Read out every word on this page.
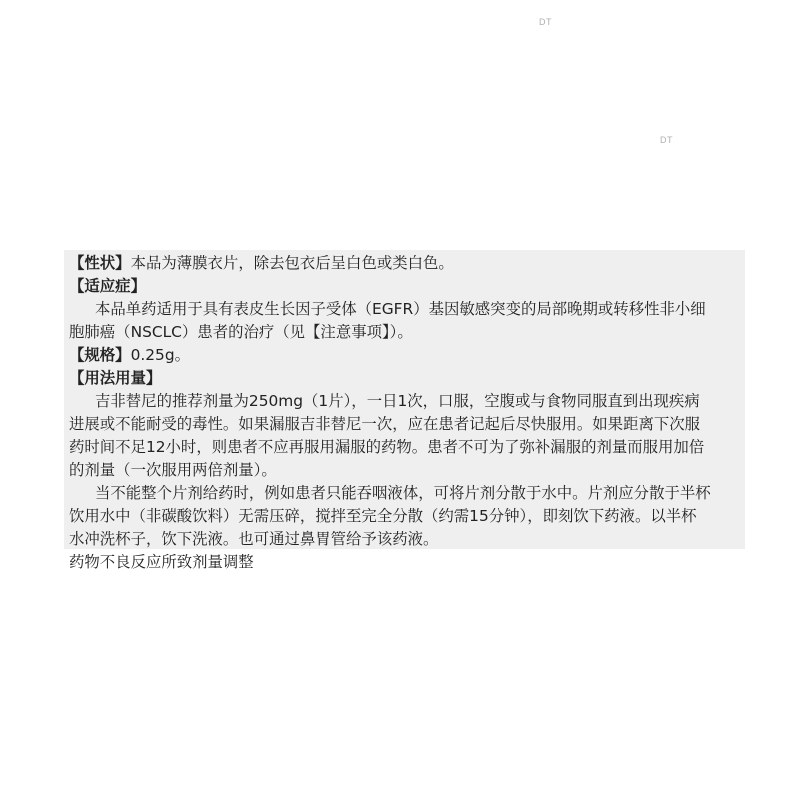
DT
DT
【性状】本品为薄膜衣片，除去包衣后呈白色或类白色。
【适应症】
本品单药适用于具有表皮生长因子受体（EGFR）基因敏感突变的局部晚期或转移性非小细
胞肺癌（NSCLC）患者的治疗（见【注意事项】）。
【规格】0.25g。
【用法用量】
吉非替尼的推荐剂量为250mg（1片），一日1次，口服，空腹或与食物同服直到出现疾病
进展或不能耐受的毒性。如果漏服吉非替尼一次，应在患者记起后尽快服用。如果距离下次服
药时间不足12小时，则患者不应再服用漏服的药物。患者不可为了弥补漏服的剂量而服用加倍
的剂量（一次服用两倍剂量）。
当不能整个片剂给药时，例如患者只能吞咽液体，可将片剂分散于水中。片剂应分散于半杯
饮用水中（非碳酸饮料）无需压碎，搅拌至完全分散（约需15分钟），即刻饮下药液。以半杯
水冲洗杯子，饮下洗液。也可通过鼻胃管给予该药液。
药物不良反应所致剂量调整
